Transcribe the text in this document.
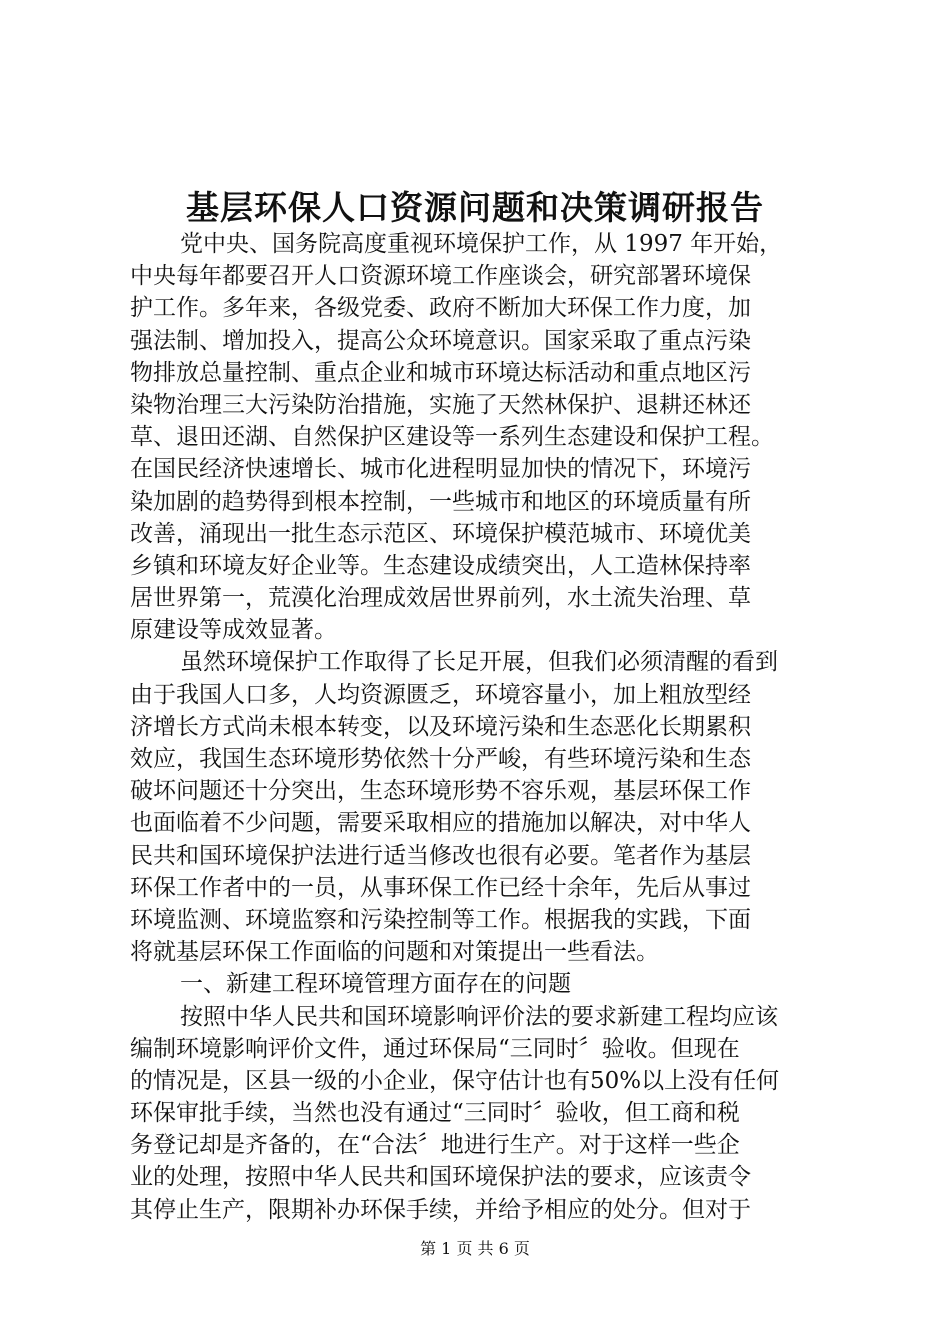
基层环保人口资源问题和决策调研报告
党中央、国务院高度重视环境保护工作，从 1997 年开始，
中央每年都要召开人口资源环境工作座谈会，研究部署环境保
护工作。多年来，各级党委、政府不断加大环保工作力度，加
强法制、增加投入，提高公众环境意识。国家采取了重点污染
物排放总量控制、重点企业和城市环境达标活动和重点地区污
染物治理三大污染防治措施，实施了天然林保护、退耕还林还
草、退田还湖、自然保护区建设等一系列生态建设和保护工程。
在国民经济快速增长、城市化进程明显加快的情况下，环境污
染加剧的趋势得到根本控制，一些城市和地区的环境质量有所
改善，涌现出一批生态示范区、环境保护模范城市、环境优美
乡镇和环境友好企业等。生态建设成绩突出，人工造林保持率
居世界第一，荒漠化治理成效居世界前列，水土流失治理、草
原建设等成效显著。
虽然环境保护工作取得了长足开展，但我们必须清醒的看到
由于我国人口多，人均资源匮乏，环境容量小，加上粗放型经
济增长方式尚未根本转变，以及环境污染和生态恶化长期累积
效应，我国生态环境形势依然十分严峻，有些环境污染和生态
破坏问题还十分突出，生态环境形势不容乐观，基层环保工作
也面临着不少问题，需要采取相应的措施加以解决，对中华人
民共和国环境保护法进行适当修改也很有必要。笔者作为基层
环保工作者中的一员，从事环保工作已经十余年，先后从事过
环境监测、环境监察和污染控制等工作。根据我的实践，下面
将就基层环保工作面临的问题和对策提出一些看法。
一、新建工程环境管理方面存在的问题
按照中华人民共和国环境影响评价法的要求新建工程均应该
编制环境影响评价文件，通过环保局“三同时〞验收。但现在
的情况是，区县一级的小企业，保守估计也有50%以上没有任何
环保审批手续，当然也没有通过“三同时〞验收，但工商和税
务登记却是齐备的，在“合法〞地进行生产。对于这样一些企
业的处理，按照中华人民共和国环境保护法的要求，应该责令
其停止生产，限期补办环保手续，并给予相应的处分。但对于
第 1 页 共 6 页
